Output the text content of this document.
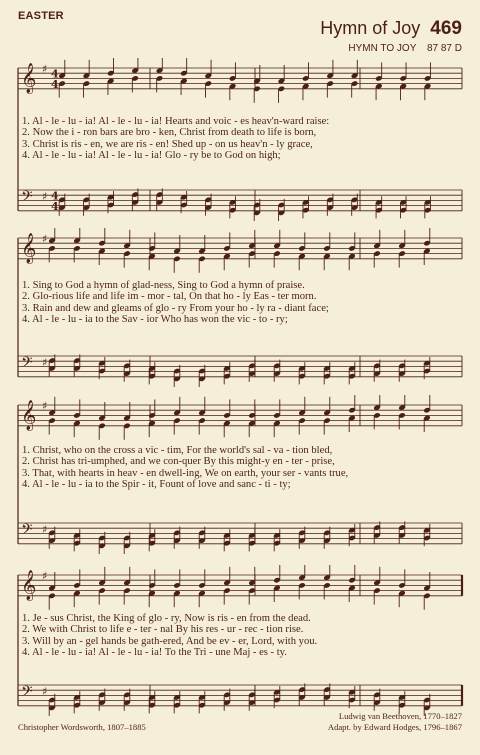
EASTER
Hymn of Joy 469
HYMN TO JOY 87 87 D
𝄞 ♯
4
4
𝄢 ♯
4
4
1. Al - le - lu - ia! Al - le - lu - ia! Hearts and voic - es heav'n-ward raise:
2. Now the i - ron bars are bro - ken, Christ from death to life is born,
3. Christ is ris - en, we are ris - en! Shed up - on us heav'n - ly grace,
4. Al - le - lu - ia! Al - le - lu - ia! Glo - ry be to God on high;
𝄞 ♯
𝄢 ♯
1. Sing to God a hymn of glad-ness, Sing to God a hymn of praise.
2. Glo-rious life and life im - mor - tal, On that ho - ly Eas - ter morn.
3. Rain and dew and gleams of glo - ry From your ho - ly ra - diant face;
4. Al - le - lu - ia to the Sav - ior Who has won the vic - to - ry;
𝄞 ♯
𝄢 ♯
1. Christ, who on the cross a vic - tim, For the world's sal - va - tion bled,
2. Christ has tri-umphed, and we con-quer By this might-y en - ter - prise,
3. That, with hearts in heav - en dwell-ing, We on earth, your ser - vants true,
4. Al - le - lu - ia to the Spir - it, Fount of love and sanc - ti - ty;
𝄞 ♯
𝄢 ♯
1. Je - sus Christ, the King of glo - ry, Now is ris - en from the dead.
2. We with Christ to life e - ter - nal By his res - ur - rec - tion rise.
3. Will by an - gel hands be gath-ered, And be ev - er, Lord, with you.
4. Al - le - lu - ia! Al - le - lu - ia! To the Tri - une Maj - es - ty.
Christopher Wordsworth, 1807–1885
Ludwig van Beethoven, 1770–1827
Adapt. by Edward Hodges, 1796–1867
